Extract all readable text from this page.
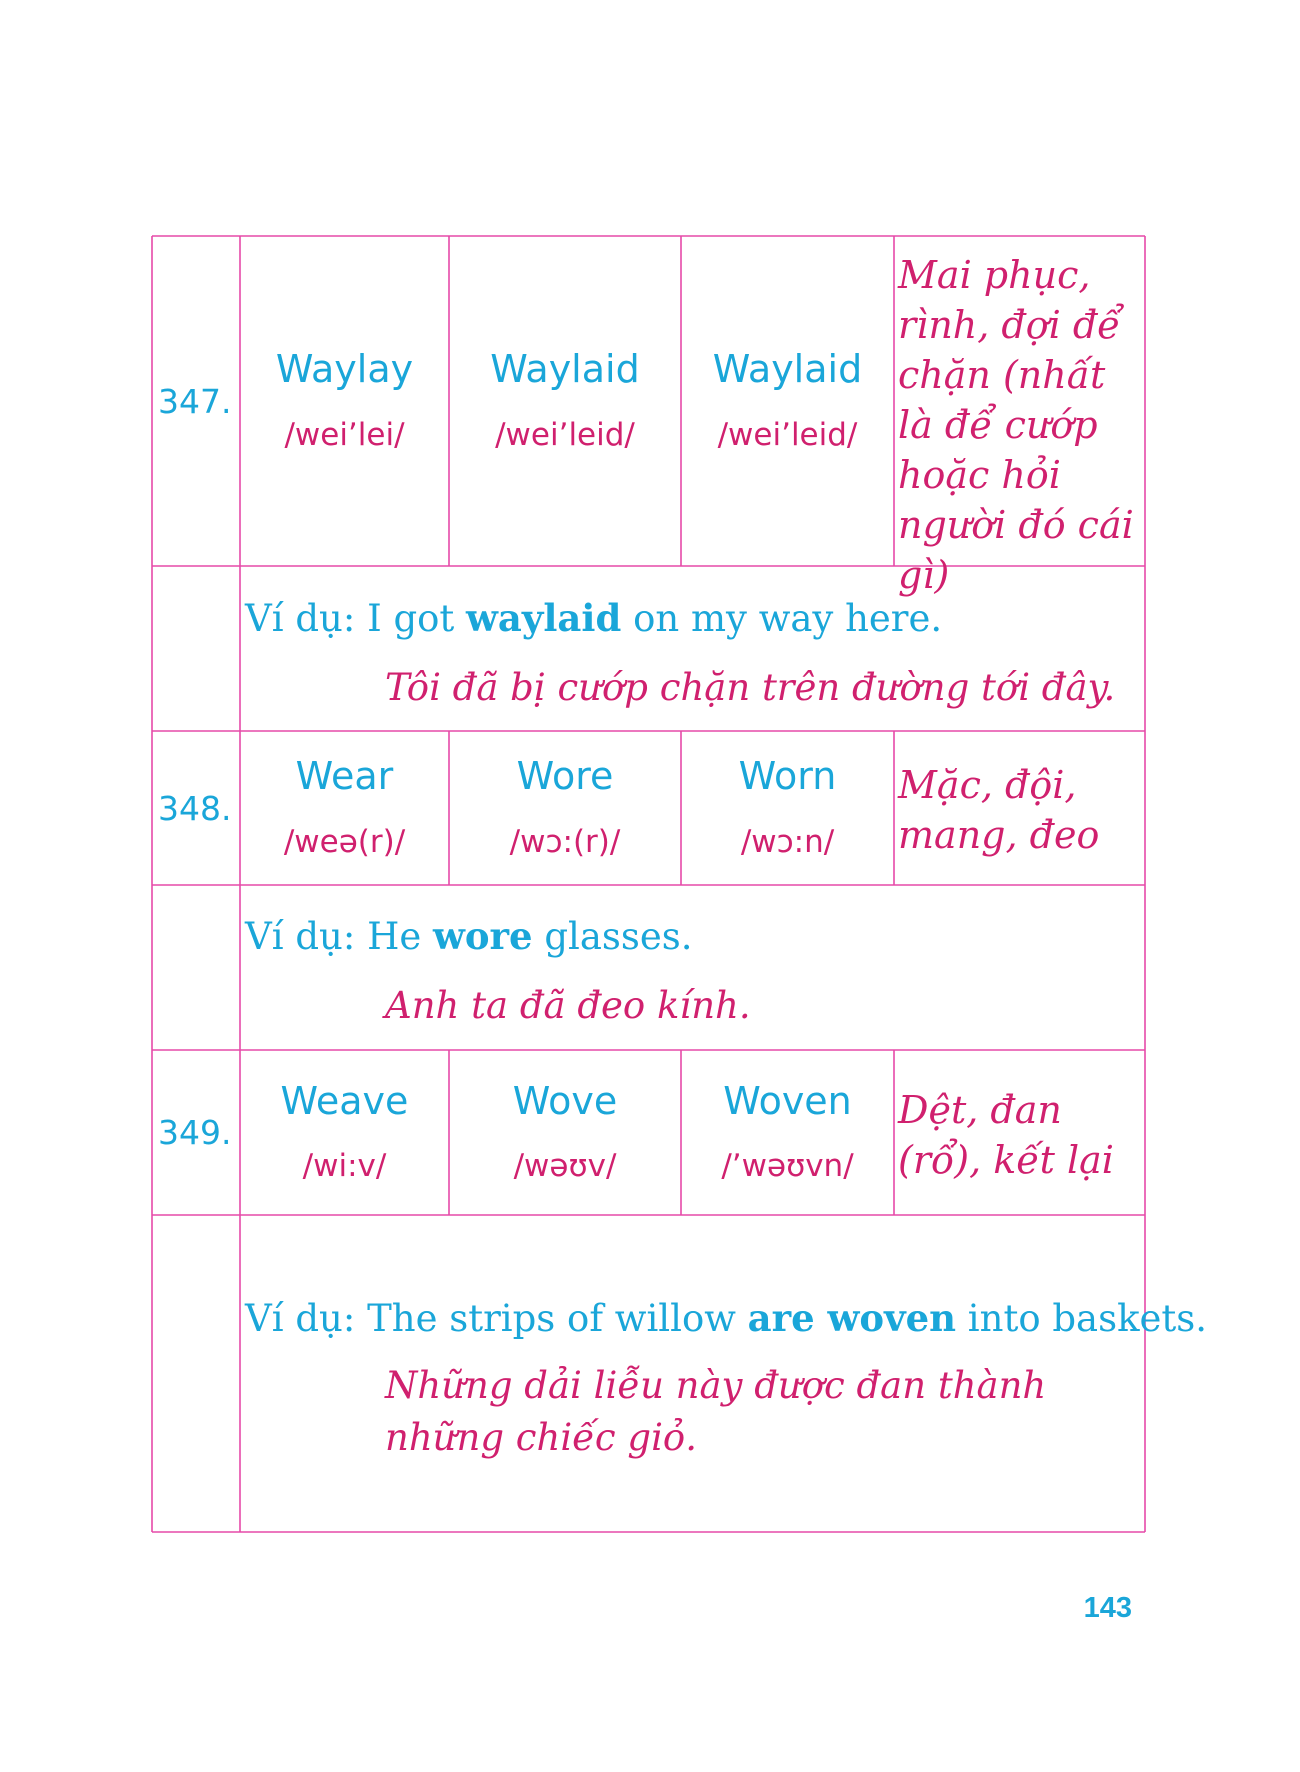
347.
Waylay
/wei’lei/
Waylaid
/wei’leid/
Waylaid
/wei’leid/
Mai phục, rình, đợi để chặn (nhất là để cướp hoặc hỏi người đó cái gì)
Ví dụ: I got waylaid on my way here.
Tôi đã bị cướp chặn trên đường tới đây.
348.
Wear
/weə(r)/
Wore
/wɔ:(r)/
Worn
/wɔ:n/
Mặc, đội, mang, đeo
Ví dụ: He wore glasses.
Anh ta đã đeo kính.
349.
Weave
/wi:v/
Wove
/wəʊv/
Woven
/’wəʊvn/
Dệt, đan (rổ), kết lại
Ví dụ: The strips of willow are woven into baskets.
Những dải liễu này được đan thành những chiếc giỏ.
143
